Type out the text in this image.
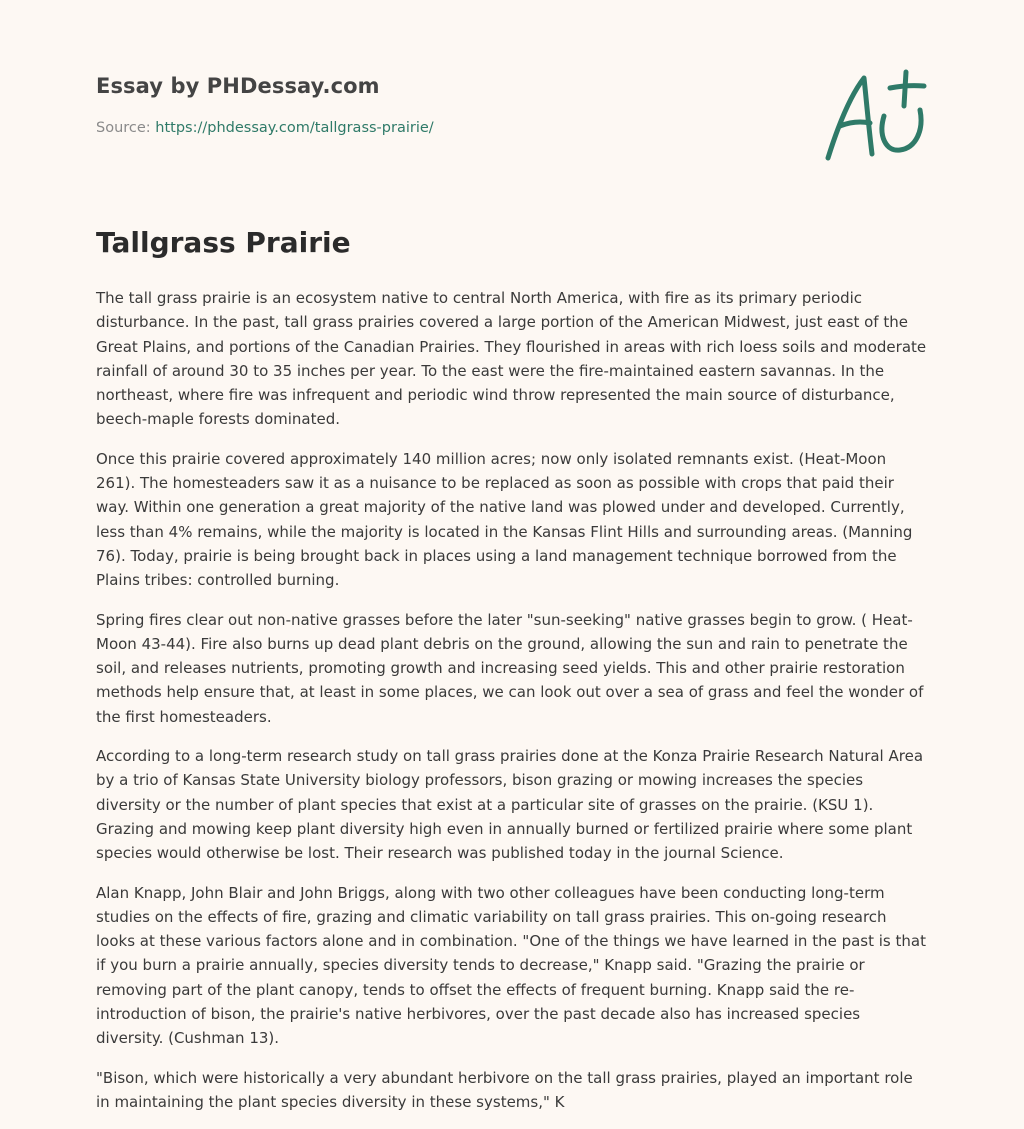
Essay by PHDessay.com
Source: https://phdessay.com/tallgrass-prairie/
Tallgrass Prairie

The tall grass prairie is an ecosystem native to central North America, with fire as its primary periodic disturbance. In the past, tall grass prairies covered a large portion of the American Midwest, just east of the Great Plains, and portions of the Canadian Prairies. They flourished in areas with rich loess soils and moderate rainfall of around 30 to 35 inches per year. To the east were the fire-maintained eastern savannas. In the northeast, where fire was infrequent and periodic wind throw represented the main source of disturbance, beech-maple forests dominated.

Once this prairie covered approximately 140 million acres; now only isolated remnants exist. (Heat-Moon 261). The homesteaders saw it as a nuisance to be replaced as soon as possible with crops that paid their way. Within one generation a great majority of the native land was plowed under and developed. Currently, less than 4% remains, while the majority is located in the Kansas Flint Hills and surrounding areas. (Manning 76). Today, prairie is being brought back in places using a land management technique borrowed from the Plains tribes: controlled burning.

Spring fires clear out non-native grasses before the later "sun-seeking" native grasses begin to grow. ( Heat-Moon 43-44). Fire also burns up dead plant debris on the ground, allowing the sun and rain to penetrate the soil, and releases nutrients, promoting growth and increasing seed yields. This and other prairie restoration methods help ensure that, at least in some places, we can look out over a sea of grass and feel the wonder of the first homesteaders.

According to a long-term research study on tall grass prairies done at the Konza Prairie Research Natural Area by a trio of Kansas State University biology professors, bison grazing or mowing increases the species diversity or the number of plant species that exist at a particular site of grasses on the prairie. (KSU 1). Grazing and mowing keep plant diversity high even in annually burned or fertilized prairie where some plant species would otherwise be lost. Their research was published today in the journal Science.

Alan Knapp, John Blair and John Briggs, along with two other colleagues have been conducting long-term studies on the effects of fire, grazing and climatic variability on tall grass prairies. This on-going research looks at these various factors alone and in combination. "One of the things we have learned in the past is that if you burn a prairie annually, species diversity tends to decrease," Knapp said. "Grazing the prairie or removing part of the plant canopy, tends to offset the effects of frequent burning. Knapp said the re-introduction of bison, the prairie's native herbivores, over the past decade also has increased species diversity. (Cushman 13).

"Bison, which were historically a very abundant herbivore on the tall grass prairies, played an important role in maintaining the plant species diversity in these systems," K
